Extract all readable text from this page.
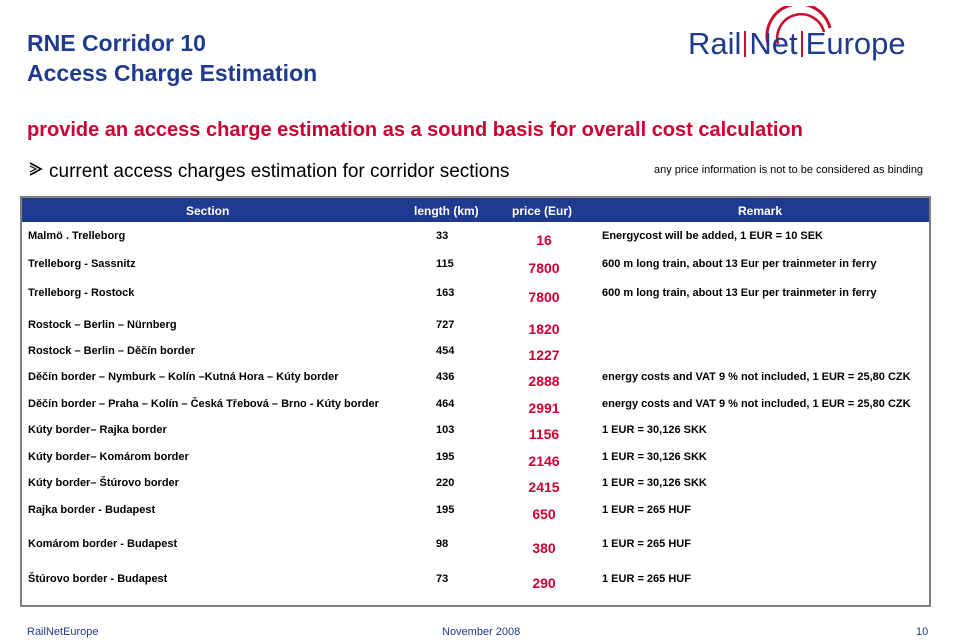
RNE Corridor 10
Access Charge Estimation
Rail Net Europe
provide an access charge estimation as a sound basis for overall cost calculation
current access charges estimation for corridor sections	any price information is not to be considered as binding
Section	length (km)	price (Eur)	Remark
Malmö . Trelleborg	33	16	Energycost will be added, 1 EUR = 10 SEK
Trelleborg - Sassnitz	115	7800	600 m long train, about 13 Eur per trainmeter in ferry
Trelleborg - Rostock	163	7800	600 m long train, about 13 Eur per trainmeter in ferry
Rostock – Berlin – Nürnberg	727	1820
Rostock – Berlin – Děčín border	454	1227
Děčín border – Nymburk – Kolín –Kutná Hora – Kúty border	436	2888	energy costs and VAT 9 % not included, 1 EUR = 25,80 CZK
Děčín border – Praha – Kolín – Česká Třebová – Brno - Kúty border	464	2991	energy costs and VAT 9 % not included, 1 EUR = 25,80 CZK
Kúty border– Rajka border	103	1156	1 EUR = 30,126 SKK
Kúty border– Komárom border	195	2146	1 EUR = 30,126 SKK
Kúty border– Štúrovo border	220	2415	1 EUR = 30,126 SKK
Rajka border - Budapest	195	650	1 EUR = 265 HUF
Komárom border - Budapest	98	380	1 EUR = 265 HUF
Štúrovo border - Budapest	73	290	1 EUR = 265 HUF
RailNetEurope	November 2008	10
